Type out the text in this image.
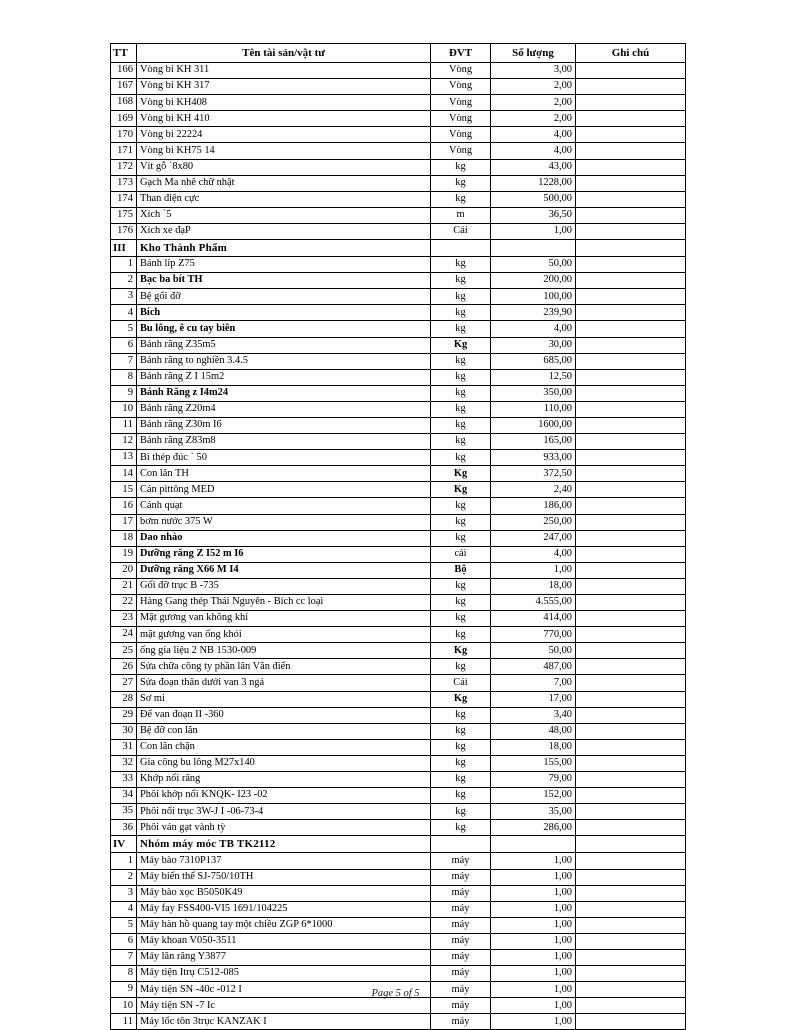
TT	Tên tài sản/vật tư	ĐVT	Số lượng	Ghi chú
166	Vòng bi KH 311	Vòng	3,00	
167	Vòng bi KH 317	Vòng	2,00	
168	Vòng bi KH408	Vòng	2,00	
169	Vòng bi KH 410	Vòng	2,00	
170	Vòng bi 22224	Vòng	4,00	
171	Vòng bi KH75 14	Vòng	4,00	
172	Vít gỗ `8x80	kg	43,00	
173	Gạch Ma nhê chữ nhật	kg	1228,00	
174	Than điện cực	kg	500,00	
175	Xích `5	m	36,50	
176	Xích xe đạP	Cái	1,00	
III	Kho Thành Phẩm			
1	Bánh líp Z75	kg	50,00	
2	Bạc ba bít TH	kg	200,00	
3	Bệ gối đỡ	kg	100,00	
4	Bích	kg	239,90	
5	Bu lông, ê cu tay biên	kg	4,00	
6	Bánh răng Z35m5	Kg	30,00	
7	Bánh răng to nghiền 3.4.5	kg	685,00	
8	Bánh răng Z I 15m2	kg	12,50	
9	Bánh Răng z I4m24	kg	350,00	
10	Bánh răng Z20m4	kg	110,00	
11	Bánh răng Z30m I6	kg	1600,00	
12	Bánh răng Z83m8	kg	165,00	
13	Bi thép đúc ` 50	kg	933,00	
14	Con lăn TH	Kg	372,50	
15	Cán pittông MED	Kg	2,40	
16	Cánh quạt	kg	186,00	
17	bơm nước 375 W	kg	250,00	
18	Dao nhào	kg	247,00	
19	Dưỡng răng Z I52 m I6	cái	4,00	
20	Dưỡng răng X66 M I4	Bộ	1,00	
21	Gối đỡ trục B -735	kg	18,00	
22	Hàng Gang thép Thái Nguyên - Bích cc loại	kg	4.555,00	
23	Mặt gương van không khí	kg	414,00	
24	mặt gương van ống khói	kg	770,00	
25	ống gia liệu 2 NB 1530-009	Kg	50,00	
26	Sửa chữa công ty phần lân Văn điển	kg	487,00	
27	Sửa đoạn thân dưới van 3 ngả	Cái	7,00	
28	Sơ mi	Kg	17,00	
29	Đế van đoạn II -360	kg	3,40	
30	Bệ đỡ con lăn	kg	48,00	
31	Con lăn chặn	kg	18,00	
32	Gia công bu lông M27x140	kg	155,00	
33	Khớp nối răng	kg	79,00	
34	Phôi khớp nối KNQK- I23 -02	kg	152,00	
35	Phôi nối trục 3W-J I -06-73-4	kg	35,00	
36	Phôi ván gạt vành tỳ	kg	286,00	
IV	Nhóm máy móc TB TK2112			
1	Máy bào 7310P137	máy	1,00	
2	Máy biến thế SJ-750/10TH	máy	1,00	
3	Máy bào xọc B5050K49	máy	1,00	
4	Máy fay FSS400-VI5 1691/104225	máy	1,00	
5	Máy hàn hồ quang tay một chiều ZGP 6*1000	máy	1,00	
6	Máy khoan V050-3511	máy	1,00	
7	Máy lăn răng Y3877	máy	1,00	
8	Máy tiện Itrụ C512-085	máy	1,00	
9	Máy tiện SN -40c -012 I	máy	1,00	
10	Máy tiện SN -7 Ic	máy	1,00	
11	Máy lốc tôn 3trục KANZAK I	máy	1,00	
Page 5 of 5
